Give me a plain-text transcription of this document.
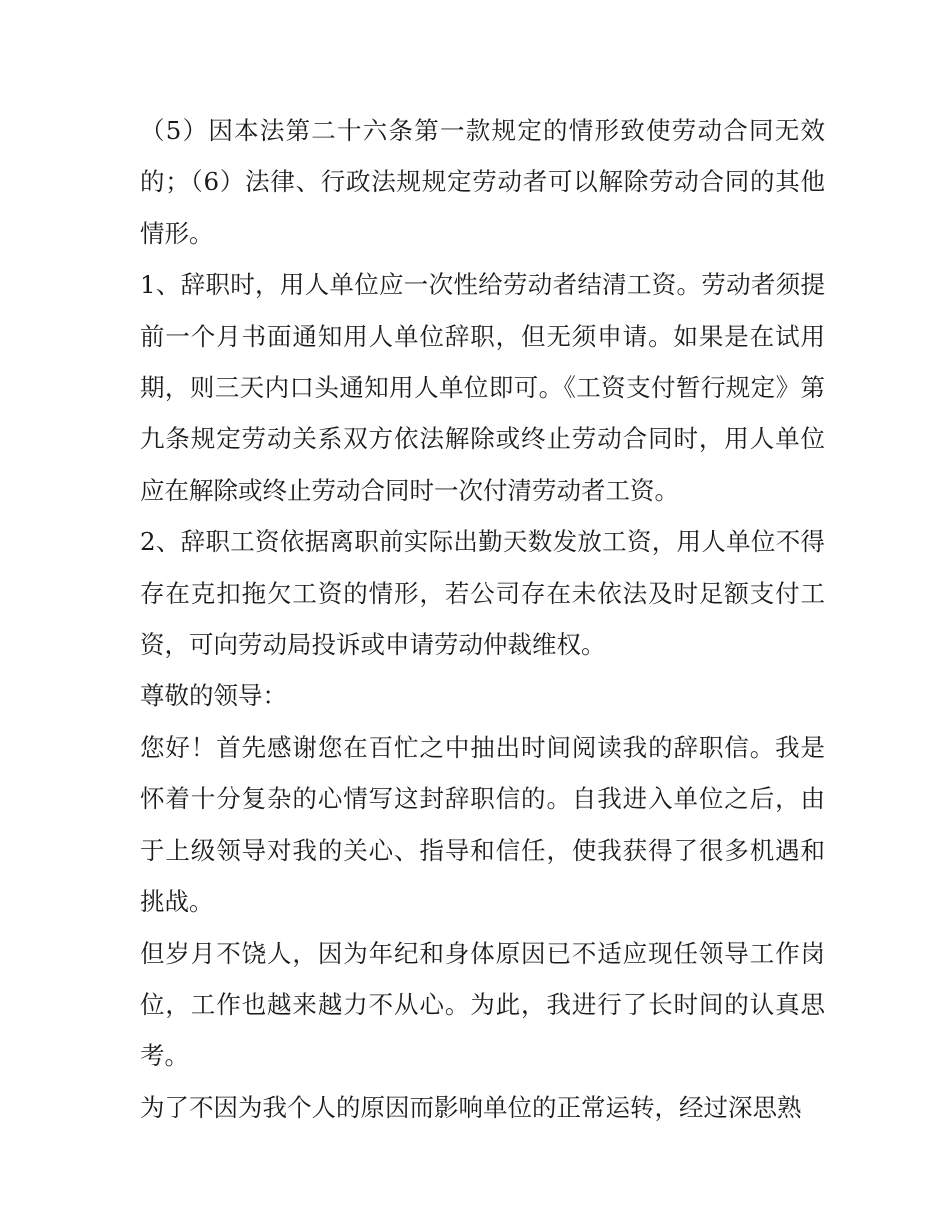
（5）因本法第二十六条第一款规定的情形致使劳动合同无效的；（6）法律、行政法规规定劳动者可以解除劳动合同的其他情形。

1、辞职时，用人单位应一次性给劳动者结清工资。劳动者须提前一个月书面通知用人单位辞职，但无须申请。如果是在试用期，则三天内口头通知用人单位即可。《工资支付暂行规定》第九条规定劳动关系双方依法解除或终止劳动合同时，用人单位应在解除或终止劳动合同时一次付清劳动者工资。

2、辞职工资依据离职前实际出勤天数发放工资，用人单位不得存在克扣拖欠工资的情形，若公司存在未依法及时足额支付工资，可向劳动局投诉或申请劳动仲裁维权。

尊敬的领导：

您好！首先感谢您在百忙之中抽出时间阅读我的辞职信。我是怀着十分复杂的心情写这封辞职信的。自我进入单位之后，由于上级领导对我的关心、指导和信任，使我获得了很多机遇和挑战。

但岁月不饶人，因为年纪和身体原因已不适应现任领导工作岗位，工作也越来越力不从心。为此，我进行了长时间的认真思考。

为了不因为我个人的原因而影响单位的正常运转，经过深思熟
